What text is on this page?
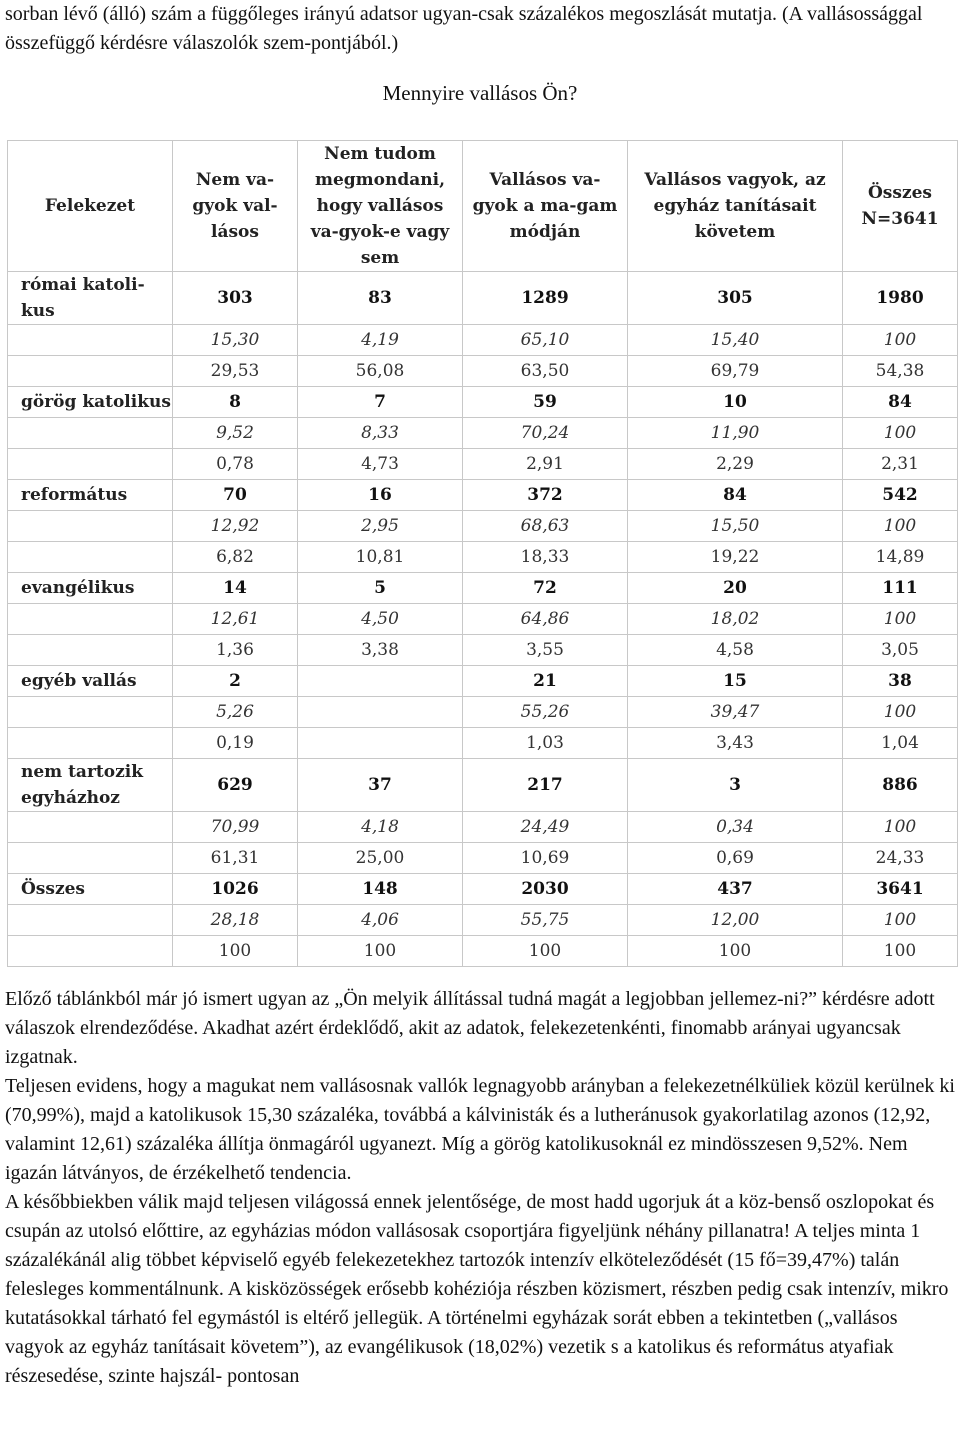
sorban lévő (álló) szám a függőleges irányú adatsor ugyan-csak százalékos megoszlását mutatja. (A vallásossággal összefüggő kérdésre válaszolók szem-pontjából.)

Mennyire vallásos Ön?
Felekezet	Nem va-gyok val-lásos	Nem tudom megmondani, hogy vallásos va-gyok-e vagy sem	Vallásos va-gyok a ma-gam módján	Vallásos vagyok, az egyház tanításait követem	Összes N=3641
római katoli-kus	303	83	1289	305	1980
	15,30	4,19	65,10	15,40	100
	29,53	56,08	63,50	69,79	54,38
görög katolikus	8	7	59	10	84
	9,52	8,33	70,24	11,90	100
	0,78	4,73	2,91	2,29	2,31
református	70	16	372	84	542
	12,92	2,95	68,63	15,50	100
	6,82	10,81	18,33	19,22	14,89
evangélikus	14	5	72	20	111
	12,61	4,50	64,86	18,02	100
	1,36	3,38	3,55	4,58	3,05
egyéb vallás	2		21	15	38
	5,26		55,26	39,47	100
	0,19		1,03	3,43	1,04
nem tartozik egyházhoz	629	37	217	3	886
	70,99	4,18	24,49	0,34	100
	61,31	25,00	10,69	0,69	24,33
Összes	1026	148	2030	437	3641
	28,18	4,06	55,75	12,00	100
	100	100	100	100	100

Előző táblánkból már jó ismert ugyan az „Ön melyik állítással tudná magát a legjobban jellemez-ni?” kérdésre adott válaszok elrendeződése. Akadhat azért érdeklődő, akit az adatok, felekezetenkénti, finomabb arányai ugyancsak izgatnak.

Teljesen evidens, hogy a magukat nem vallásosnak vallók legnagyobb arányban a felekezetnélküliek közül kerülnek ki (70,99%), majd a katolikusok 15,30 százaléka, továbbá a kálvinisták és a lutheránusok gyakorlatilag azonos (12,92, valamint 12,61) százaléka állítja önmagáról ugyanezt. Míg a görög katolikusoknál ez mindösszesen 9,52%. Nem igazán látványos, de érzékelhető tendencia.

A későbbiekben válik majd teljesen világossá ennek jelentősége, de most hadd ugorjuk át a köz-benső oszlopokat és csupán az utolsó előttire, az egyházias módon vallásosak csoportjára figyeljünk néhány pillanatra! A teljes minta 1 százalékánál alig többet képviselő egyéb felekezetekhez tartozók intenzív elköteleződését (15 fő=39,47%) talán felesleges kommentálnunk. A kisközösségek erősebb kohéziója részben közismert, részben pedig csak intenzív, mikro kutatásokkal tárható fel egymástól is eltérő jellegük. A történelmi egyházak sorát ebben a tekintetben („vallásos vagyok az egyház tanításait követem”), az evangélikusok (18,02%) vezetik s a katolikus és református atyafiak részesedése, szinte hajszál- pontosan
